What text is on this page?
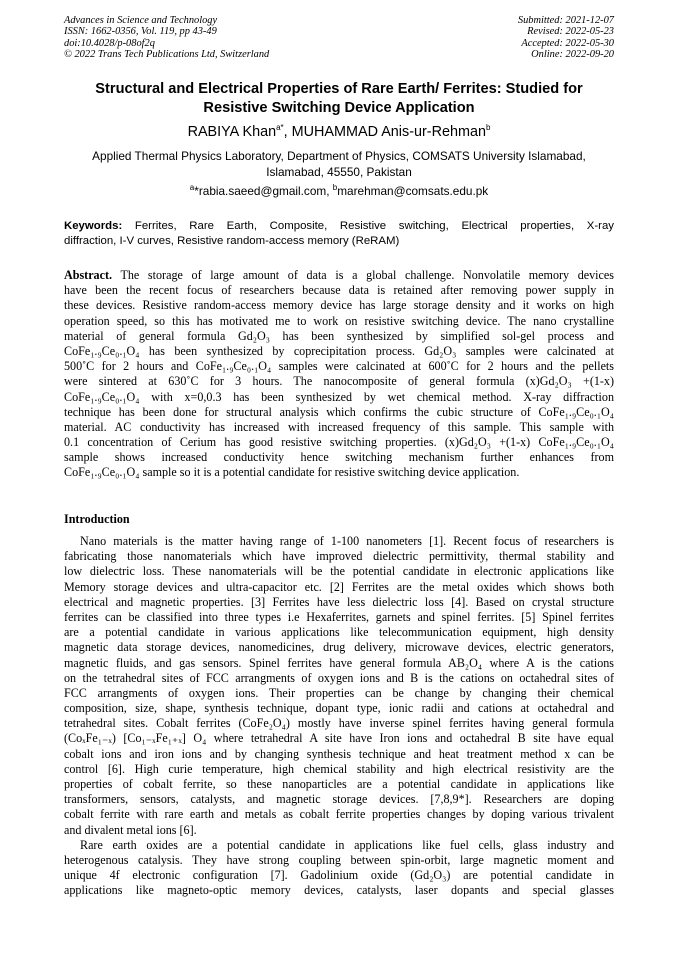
Advances in Science and Technology
ISSN: 1662-0356, Vol. 119, pp 43-49
doi:10.4028/p-08of2q
© 2022 Trans Tech Publications Ltd, Switzerland
Submitted: 2021-12-07
Revised: 2022-05-23
Accepted: 2022-05-30
Online: 2022-09-20
Structural and Electrical Properties of Rare Earth/ Ferrites: Studied for
Resistive Switching Device Application
RABIYA Khan$^{a*}$, MUHAMMAD Anis-ur-Rehman$^b$
Applied Thermal Physics Laboratory, Department of Physics, COMSATS University Islamabad,
Islamabad, 45550, Pakistan
$^a$*rabia.saeed@gmail.com, $^b$marehman@comsats.edu.pk
Keywords: Ferrites, Rare Earth, Composite, Resistive switching, Electrical properties, X-ray
diffraction, I-V curves, Resistive random-access memory (ReRAM)
Abstract. The storage of large amount of data is a global challenge. Nonvolatile memory devices
have been the recent focus of researchers because data is retained after removing power supply in
these devices. Resistive random-access memory device has large storage density and it works on high
operation speed, so this has motivated me to work on resistive switching device. The nano crystalline
material of general formula Gd₂O₃ has been synthesized by simplified sol-gel process and
CoFe₁.₉Ce₀.₁O₄ has been synthesized by coprecipitation process. Gd₂O₃ samples were calcinated at
500˚C for 2 hours and CoFe₁.₉Ce₀.₁O₄ samples were calcinated at 600˚C for 2 hours and the pellets
were sintered at 630˚C for 3 hours. The nanocomposite of general formula (x)Gd₂O₃ +(1-x)
CoFe₁.₉Ce₀.₁O₄ with x=0,0.3 has been synthesized by wet chemical method. X-ray diffraction
technique has been done for structural analysis which confirms the cubic structure of CoFe₁.₉Ce₀.₁O₄
material. AC conductivity has increased with increased frequency of this sample. This sample with
0.1 concentration of Cerium has good resistive switching properties. (x)Gd₂O₃ +(1-x) CoFe₁.₉Ce₀.₁O₄
sample shows increased conductivity hence switching mechanism further enhances from
CoFe₁.₉Ce₀.₁O₄ sample so it is a potential candidate for resistive switching device application.
Introduction
Nano materials is the matter having range of 1-100 nanometers [1]. Recent focus of researchers is
fabricating those nanomaterials which have improved dielectric permittivity, thermal stability and
low dielectric loss. These nanomaterials will be the potential candidate in electronic applications like
Memory storage devices and ultra-capacitor etc. [2] Ferrites are the metal oxides which shows both
electrical and magnetic properties. [3] Ferrites have less dielectric loss [4]. Based on crystal structure
ferrites can be classified into three types i.e Hexaferrites, garnets and spinel ferrites. [5] Spinel ferrites
are a potential candidate in various applications like telecommunication equipment, high density
magnetic data storage devices, nanomedicines, drug delivery, microwave devices, electric generators,
magnetic fluids, and gas sensors. Spinel ferrites have general formula AB₂O₄ where A is the cations
on the tetrahedral sites of FCC arrangments of oxygen ions and B is the cations on octahedral sites of
FCC arrangments of oxygen ions. Their properties can be change by changing their chemical
composition, size, shape, synthesis technique, dopant type, ionic radii and cations at octahedral and
tetrahedral sites. Cobalt ferrites (CoFe₂O₄) mostly have inverse spinel ferrites having general formula
(CoₓFe₁₋ₓ) [Co₁₋ₓFe₁₊ₓ] O₄ where tetrahedral A site have Iron ions and octahedral B site have equal
cobalt ions and iron ions and by changing synthesis technique and heat treatment method x can be
control [6]. High curie temperature, high chemical stability and high electrical resistivity are the
properties of cobalt ferrite, so these nanoparticles are a potential candidate in applications like
transformers, sensors, catalysts, and magnetic storage devices. [7,8,9*]. Researchers are doping
cobalt ferrite with rare earth and metals as cobalt ferrite properties changes by doping various trivalent
and divalent metal ions [6].
Rare earth oxides are a potential candidate in applications like fuel cells, glass industry and
heterogenous catalysis. They have strong coupling between spin-orbit, large magnetic moment and
unique 4f electronic configuration [7]. Gadolinium oxide (Gd₂O₃) are potential candidate in
applications like magneto-optic memory devices, catalysts, laser dopants and special glasses
